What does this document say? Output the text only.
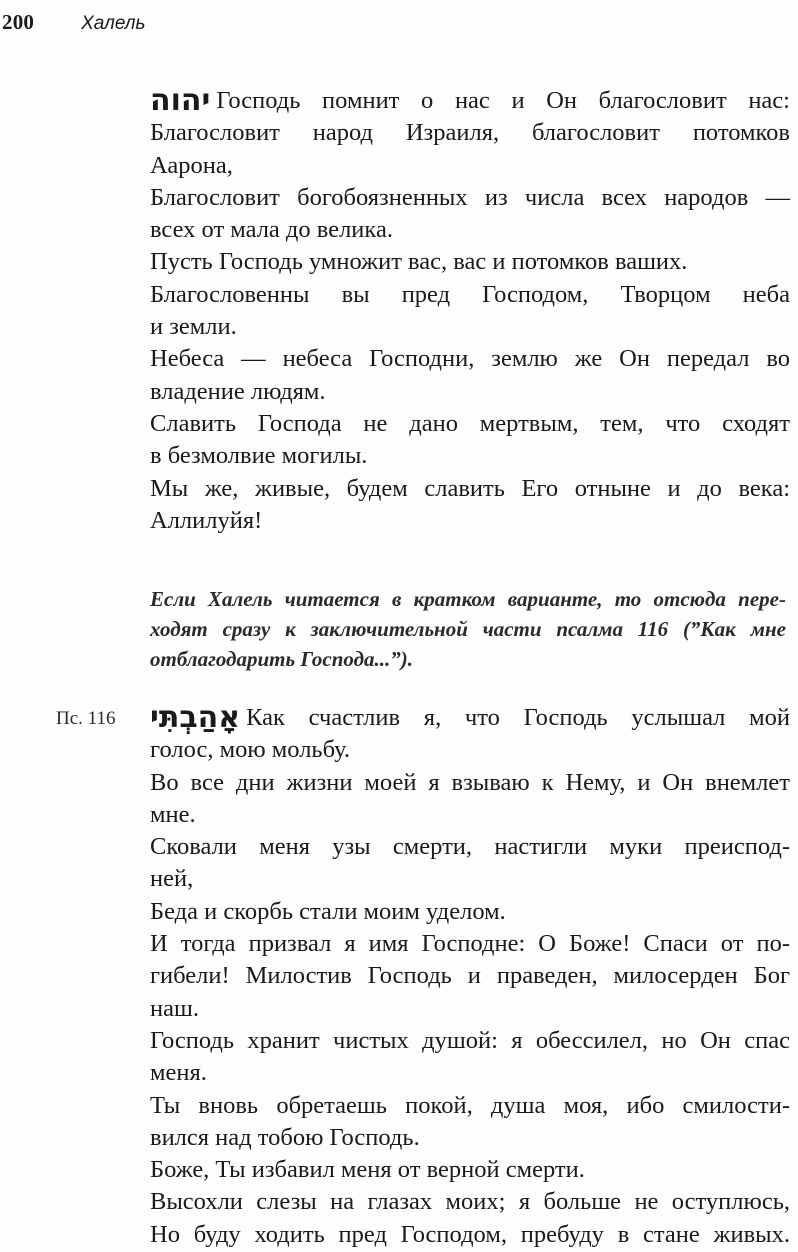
200 Халель
יהוה Господь помнит о нас и Он благословит нас:
Благословит народ Израиля, благословит потомков
Аарона,
Благословит богобоязненных из числа всех народов —
всех от мала до велика.
Пусть Господь умножит вас, вас и потомков ваших.
Благословенны вы пред Господом, Творцом неба
и земли.
Небеса — небеса Господни, землю же Он передал во
владение людям.
Славить Господа не дано мертвым, тем, что сходят
в безмолвие могилы.
Мы же, живые, будем славить Его отныне и до века:
Аллилуйя!
Если Халель читается в кратком варианте, то отсюда пере-
ходят сразу к заключительной части псалма 116 (”Как мне
отблагодарить Господа...”).
Пс. 116 אָהַבְתִּי Как счастлив я, что Господь услышал мой
голос, мою мольбу.
Во все дни жизни моей я взываю к Нему, и Он внемлет
мне.
Сковали меня узы смерти, настигли муки преиспод-
ней,
Беда и скорбь стали моим уделом.
И тогда призвал я имя Господне: О Боже! Спаси от по-
гибели! Милостив Господь и праведен, милосерден Бог
наш.
Господь хранит чистых душой: я обессилел, но Он спас
меня.
Ты вновь обретаешь покой, душа моя, ибо смилости-
вился над тобою Господь.
Боже, Ты избавил меня от верной смерти.
Высохли слезы на глазах моих; я больше не оступлюсь,
Но буду ходить пред Господом, пребуду в стане живых.
